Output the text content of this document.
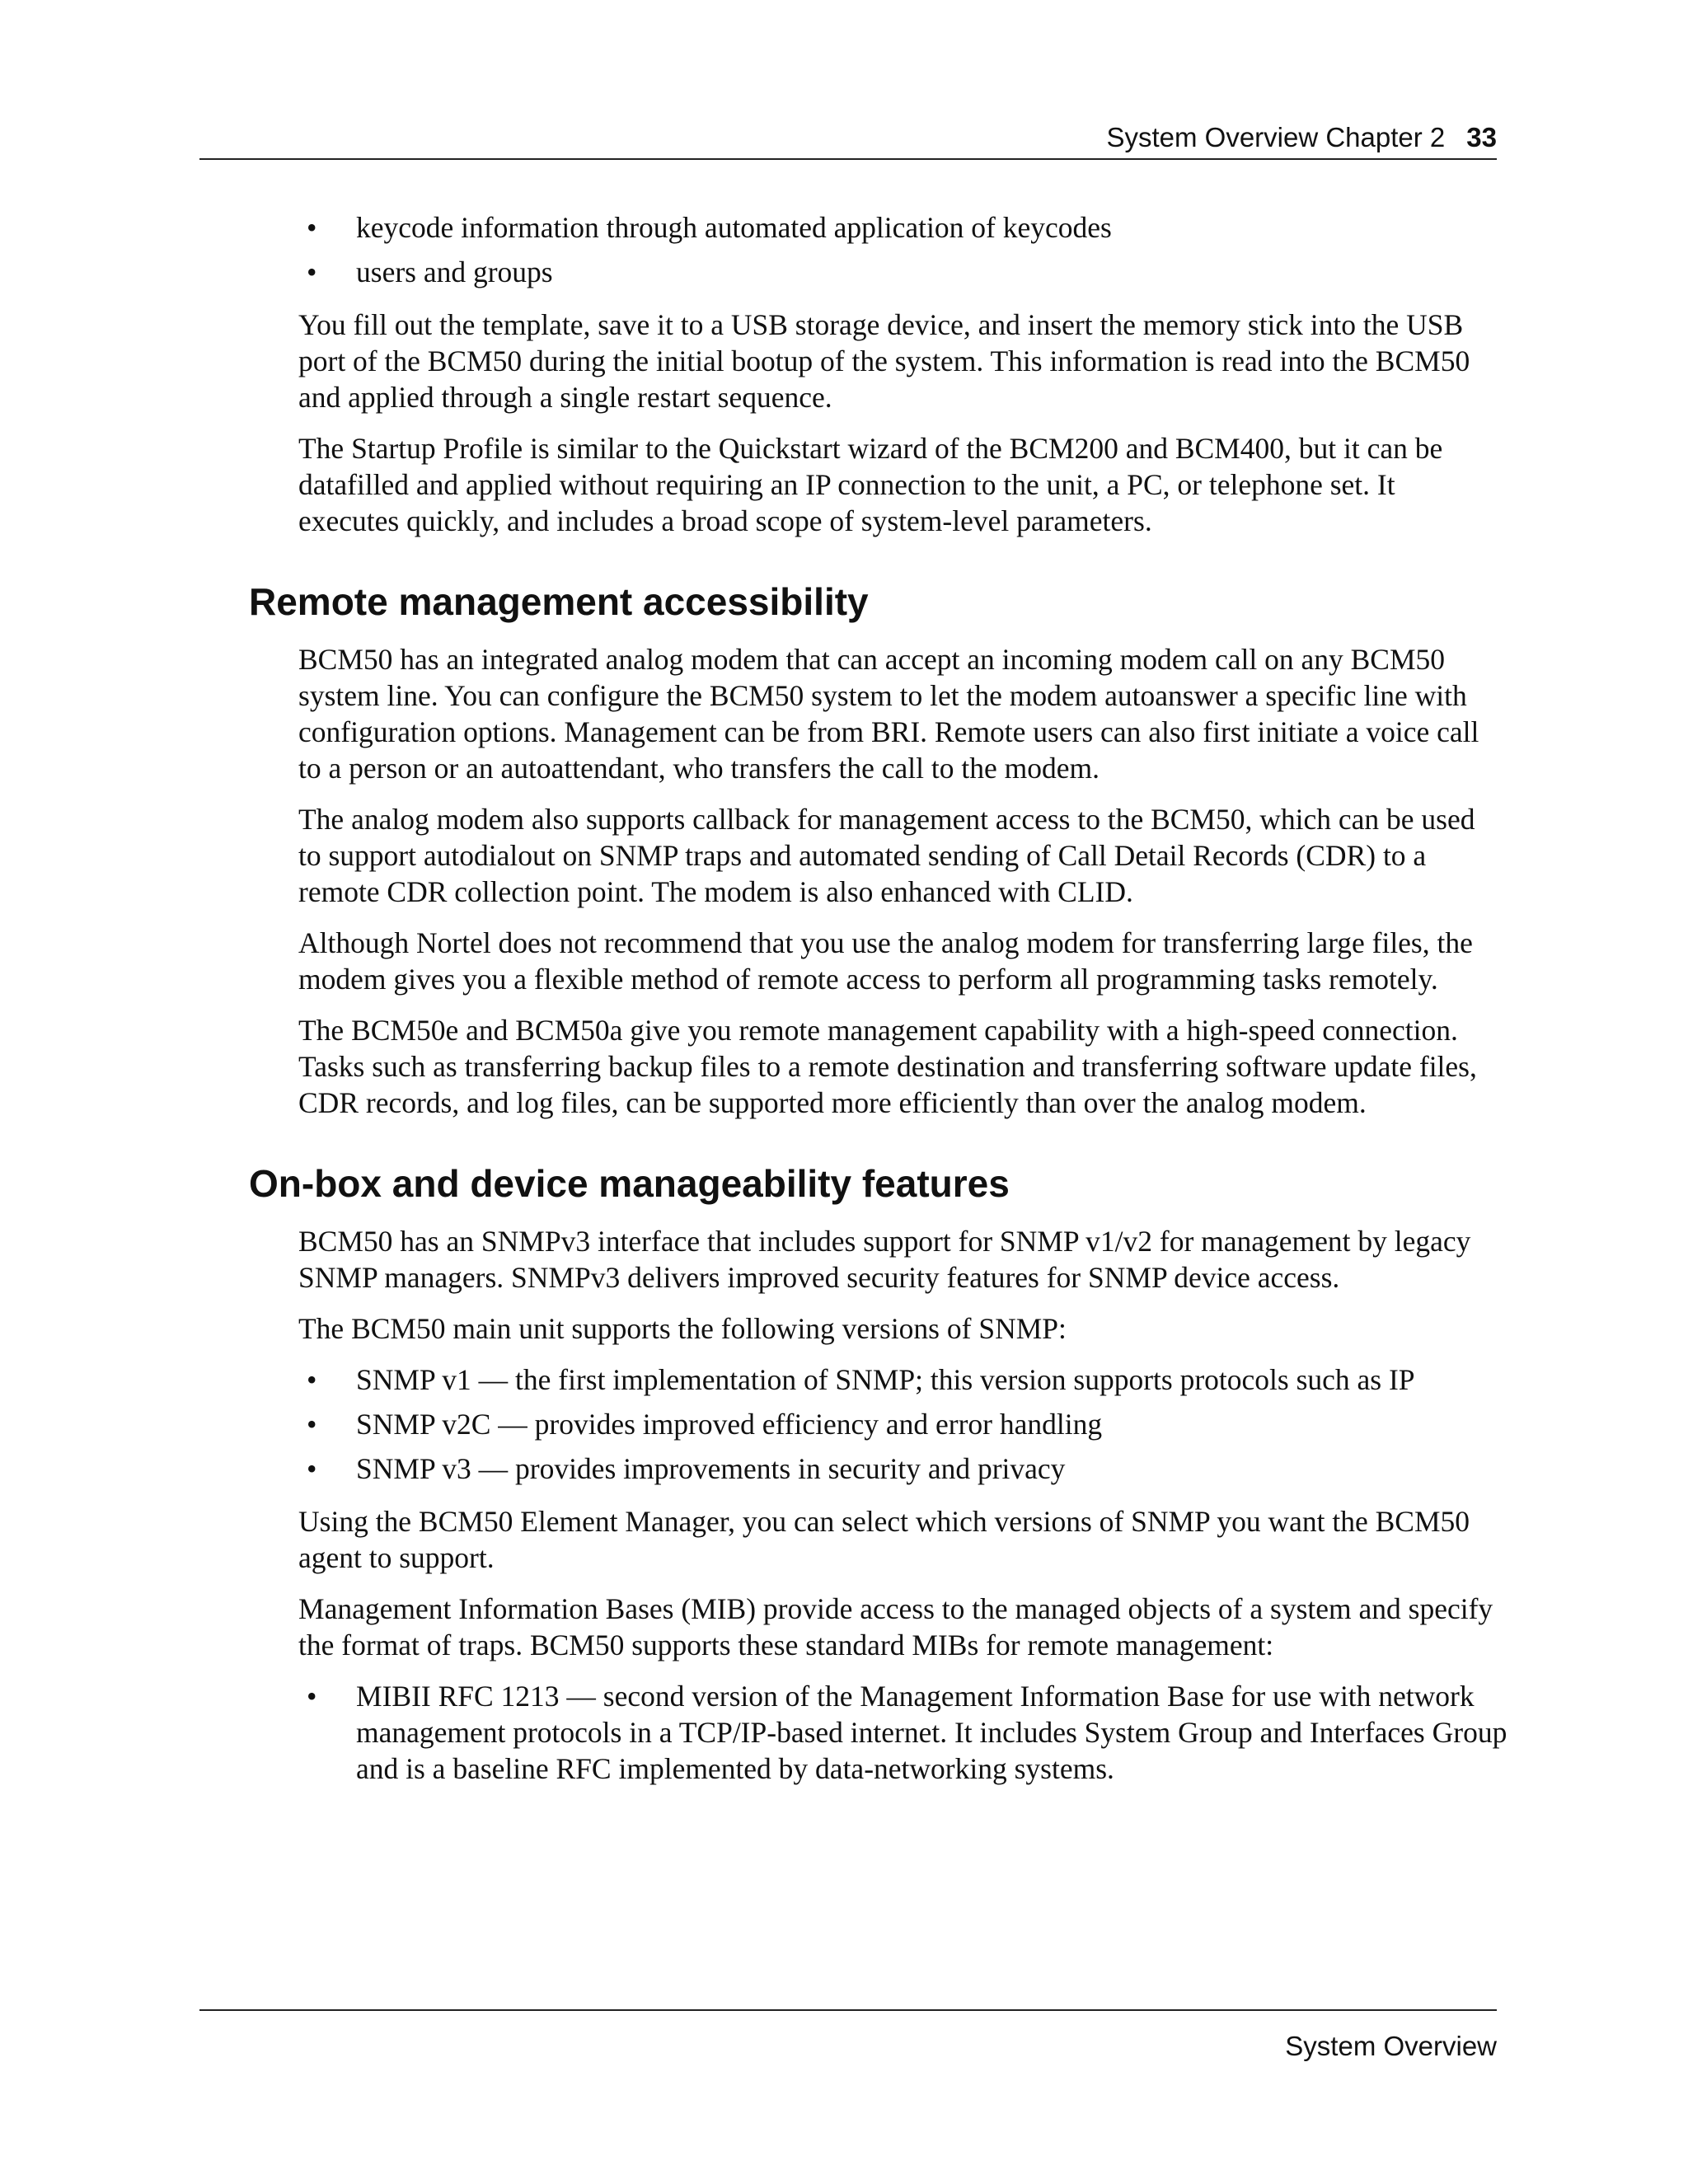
System Overview Chapter 2 33
• keycode information through automated application of keycodes
• users and groups

You fill out the template, save it to a USB storage device, and insert the memory stick into the USB port of the BCM50 during the initial bootup of the system. This information is read into the BCM50 and applied through a single restart sequence.

The Startup Profile is similar to the Quickstart wizard of the BCM200 and BCM400, but it can be datafilled and applied without requiring an IP connection to the unit, a PC, or telephone set. It executes quickly, and includes a broad scope of system-level parameters.

Remote management accessibility

BCM50 has an integrated analog modem that can accept an incoming modem call on any BCM50 system line. You can configure the BCM50 system to let the modem autoanswer a specific line with configuration options. Management can be from BRI. Remote users can also first initiate a voice call to a person or an autoattendant, who transfers the call to the modem.

The analog modem also supports callback for management access to the BCM50, which can be used to support autodialout on SNMP traps and automated sending of Call Detail Records (CDR) to a remote CDR collection point. The modem is also enhanced with CLID.

Although Nortel does not recommend that you use the analog modem for transferring large files, the modem gives you a flexible method of remote access to perform all programming tasks remotely.

The BCM50e and BCM50a give you remote management capability with a high-speed connection. Tasks such as transferring backup files to a remote destination and transferring software update files, CDR records, and log files, can be supported more efficiently than over the analog modem.

On-box and device manageability features

BCM50 has an SNMPv3 interface that includes support for SNMP v1/v2 for management by legacy SNMP managers. SNMPv3 delivers improved security features for SNMP device access.

The BCM50 main unit supports the following versions of SNMP:

• SNMP v1 — the first implementation of SNMP; this version supports protocols such as IP
• SNMP v2C — provides improved efficiency and error handling
• SNMP v3 — provides improvements in security and privacy

Using the BCM50 Element Manager, you can select which versions of SNMP you want the BCM50 agent to support.

Management Information Bases (MIB) provide access to the managed objects of a system and specify the format of traps. BCM50 supports these standard MIBs for remote management:

• MIBII RFC 1213 — second version of the Management Information Base for use with network management protocols in a TCP/IP-based internet. It includes System Group and Interfaces Group and is a baseline RFC implemented by data-networking systems.
System Overview
